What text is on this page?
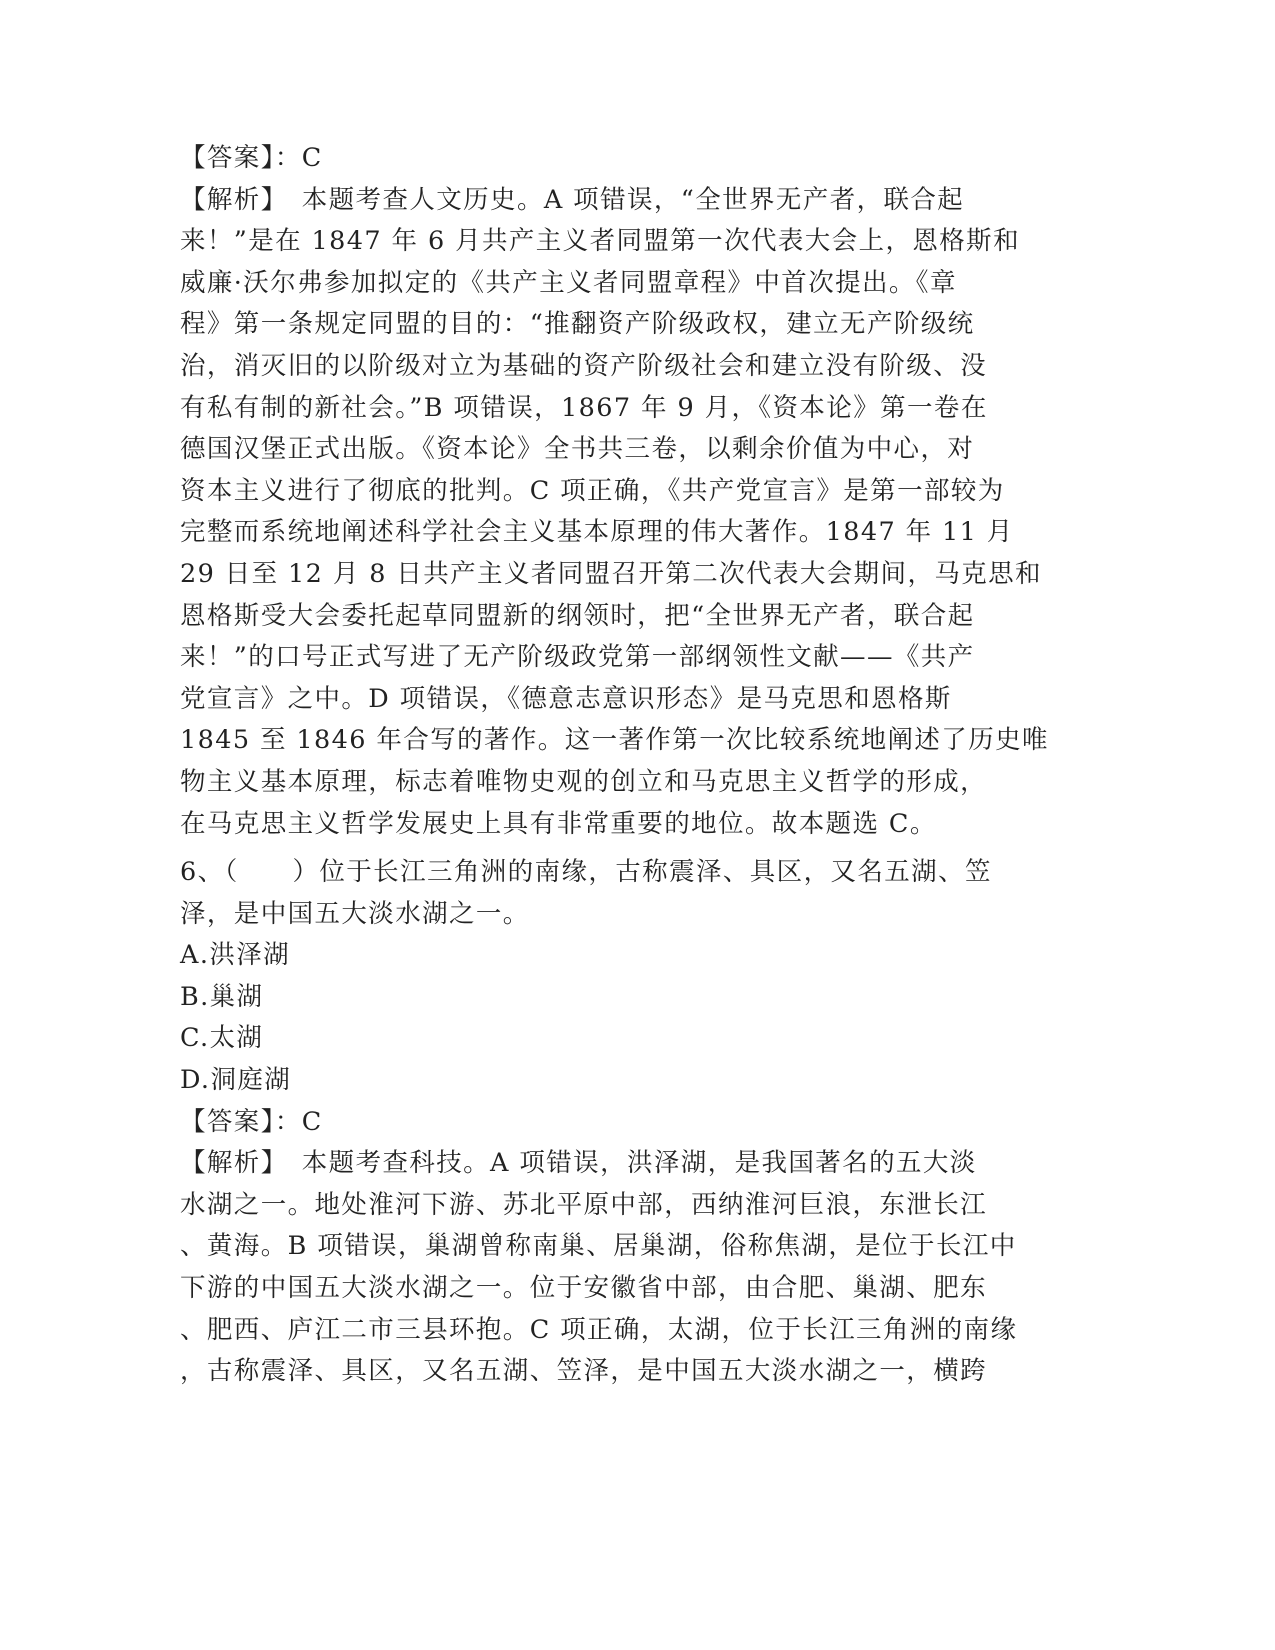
【答案】：C
【解析】　本题考查人文历史。A 项错误，“全世界无产者，联合起
来！”是在 1847 年 6 月共产主义者同盟第一次代表大会上，恩格斯和
威廉·沃尔弗参加拟定的《共产主义者同盟章程》中首次提出。《章
程》第一条规定同盟的目的：“推翻资产阶级政权，建立无产阶级统
治，消灭旧的以阶级对立为基础的资产阶级社会和建立没有阶级、没
有私有制的新社会。”B 项错误，1867 年 9 月，《资本论》第一卷在
德国汉堡正式出版。《资本论》全书共三卷，以剩余价值为中心，对
资本主义进行了彻底的批判。C 项正确，《共产党宣言》是第一部较为
完整而系统地阐述科学社会主义基本原理的伟大著作。1847 年 11 月
29 日至 12 月 8 日共产主义者同盟召开第二次代表大会期间，马克思和
恩格斯受大会委托起草同盟新的纲领时，把“全世界无产者，联合起
来！”的口号正式写进了无产阶级政党第一部纲领性文献——《共产
党宣言》之中。D 项错误，《德意志意识形态》是马克思和恩格斯
1845 至 1846 年合写的著作。这一著作第一次比较系统地阐述了历史唯
物主义基本原理，标志着唯物史观的创立和马克思主义哲学的形成，
在马克思主义哲学发展史上具有非常重要的地位。故本题选 C。
6、（　　）位于长江三角洲的南缘，古称震泽、具区，又名五湖、笠
泽，是中国五大淡水湖之一。
A.洪泽湖
B.巢湖
C.太湖
D.洞庭湖
【答案】：C
【解析】　本题考查科技。A 项错误，洪泽湖，是我国著名的五大淡
水湖之一。地处淮河下游、苏北平原中部，西纳淮河巨浪，东泄长江
、黄海。B 项错误，巢湖曾称南巢、居巢湖，俗称焦湖，是位于长江中
下游的中国五大淡水湖之一。位于安徽省中部，由合肥、巢湖、肥东
、肥西、庐江二市三县环抱。C 项正确，太湖，位于长江三角洲的南缘
，古称震泽、具区，又名五湖、笠泽，是中国五大淡水湖之一，横跨
